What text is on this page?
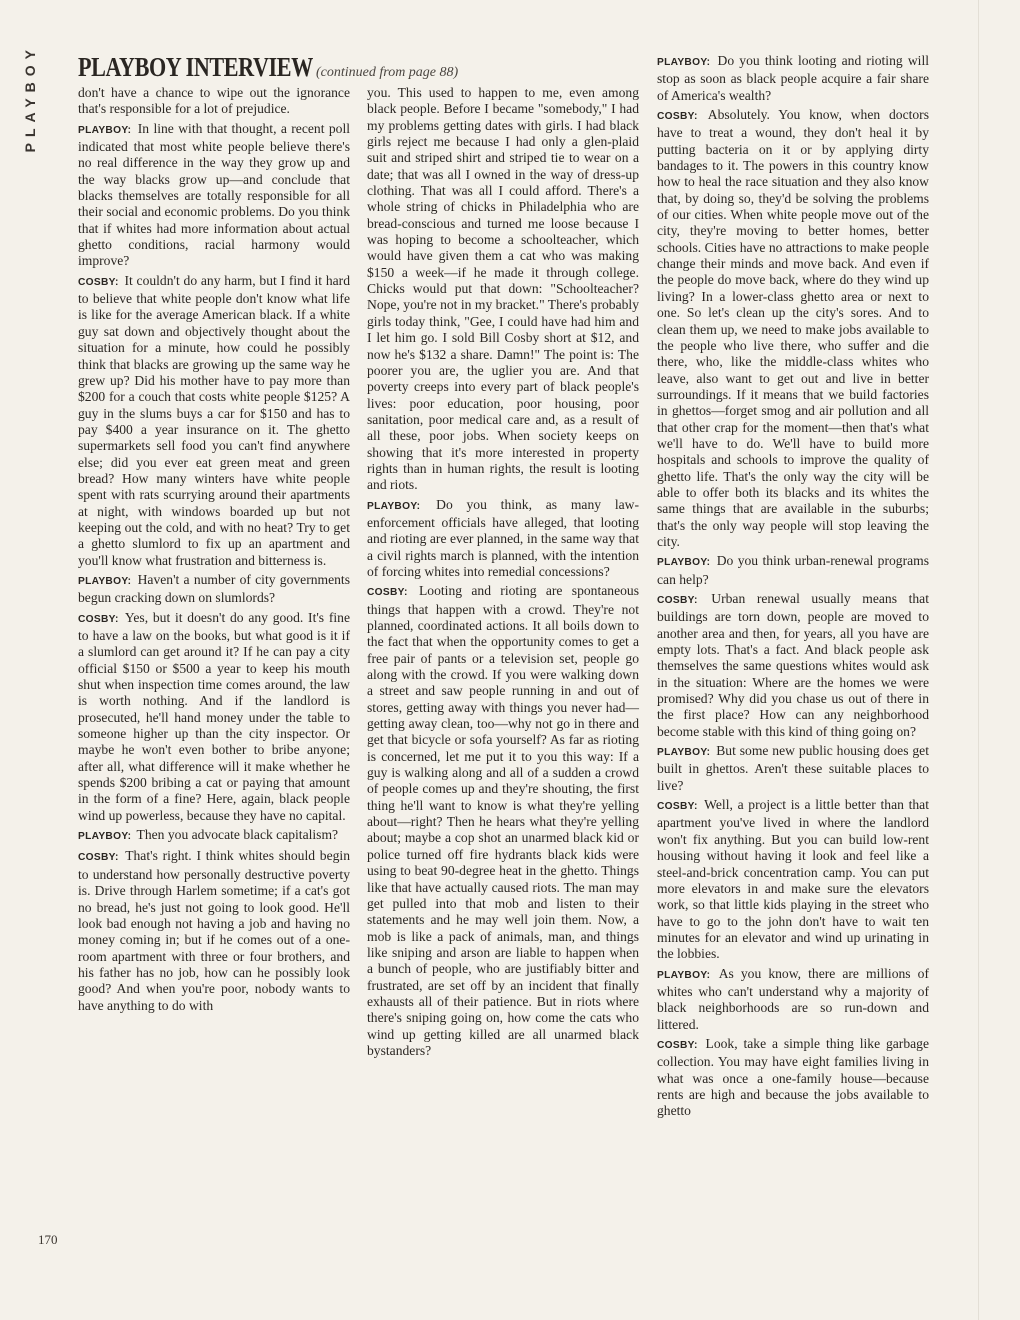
PLAYBOY PLAYBOY INTERVIEW (continued from page 88)

don't have a chance to wipe out the ignorance that's responsible for a lot of prejudice.

PLAYBOY: In line with that thought, a recent poll indicated that most white people believe there's no real difference in the way they grow up and the way blacks grow up—and conclude that blacks themselves are totally responsible for all their social and economic problems. Do you think that if whites had more information about actual ghetto conditions, racial harmony would improve?

COSBY: It couldn't do any harm, but I find it hard to believe that white people don't know what life is like for the average American black. If a white guy sat down and objectively thought about the situation for a minute, how could he possibly think that blacks are growing up the same way he grew up? Did his mother have to pay more than $200 for a couch that costs white people $125? A guy in the slums buys a car for $150 and has to pay $400 a year insurance on it. The ghetto supermarkets sell food you can't find anywhere else; did you ever eat green meat and green bread? How many winters have white people spent with rats scurrying around their apartments at night, with windows boarded up but not keeping out the cold, and with no heat? Try to get a ghetto slumlord to fix up an apartment and you'll know what frustration and bitterness is.

PLAYBOY: Haven't a number of city governments begun cracking down on slumlords?

COSBY: Yes, but it doesn't do any good. It's fine to have a law on the books, but what good is it if a slumlord can get around it? If he can pay a city official $150 or $500 a year to keep his mouth shut when inspection time comes around, the law is worth nothing. And if the landlord is prosecuted, he'll hand money under the table to someone higher up than the city inspector. Or maybe he won't even bother to bribe anyone; after all, what difference will it make whether he spends $200 bribing a cat or paying that amount in the form of a fine? Here, again, black people wind up powerless, because they have no capital.

PLAYBOY: Then you advocate black capitalism?

COSBY: That's right. I think whites should begin to understand how personally destructive poverty is. Drive through Harlem sometime; if a cat's got no bread, he's just not going to look good. He'll look bad enough not having a job and having no money coming in; but if he comes out of a one-room apartment with three or four brothers, and his father has no job, how can he possibly look good? And when you're poor, nobody wants to have anything to do with

you. This used to happen to me, even among black people. Before I became "somebody," I had my problems getting dates with girls. I had black girls reject me because I had only a glen-plaid suit and striped shirt and striped tie to wear on a date; that was all I owned in the way of dress-up clothing. That was all I could afford. There's a whole string of chicks in Philadelphia who are bread-conscious and turned me loose because I was hoping to become a schoolteacher, which would have given them a cat who was making $150 a week—if he made it through college. Chicks would put that down: "Schoolteacher? Nope, you're not in my bracket." There's probably girls today think, "Gee, I could have had him and I let him go. I sold Bill Cosby short at $12, and now he's $132 a share. Damn!" The point is: The poorer you are, the uglier you are. And that poverty creeps into every part of black people's lives: poor education, poor housing, poor sanitation, poor medical care and, as a result of all these, poor jobs. When society keeps on showing that it's more interested in property rights than in human rights, the result is looting and riots.

PLAYBOY: Do you think, as many law-enforcement officials have alleged, that looting and rioting are ever planned, in the same way that a civil rights march is planned, with the intention of forcing whites into remedial concessions?

COSBY: Looting and rioting are spontaneous things that happen with a crowd. They're not planned, coordinated actions. It all boils down to the fact that when the opportunity comes to get a free pair of pants or a television set, people go along with the crowd. If you were walking down a street and saw people running in and out of stores, getting away with things you never had—getting away clean, too—why not go in there and get that bicycle or sofa yourself? As far as rioting is concerned, let me put it to you this way: If a guy is walking along and all of a sudden a crowd of people comes up and they're shouting, the first thing he'll want to know is what they're yelling about—right? Then he hears what they're yelling about; maybe a cop shot an unarmed black kid or police turned off fire hydrants black kids were using to beat 90-degree heat in the ghetto. Things like that have actually caused riots. The man may get pulled into that mob and listen to their statements and he may well join them. Now, a mob is like a pack of animals, man, and things like sniping and arson are liable to happen when a bunch of people, who are justifiably bitter and frustrated, are set off by an incident that finally exhausts all of their patience. But in riots where there's sniping going on, how come the cats who wind up getting killed are all unarmed black bystanders?

PLAYBOY: Do you think looting and rioting will stop as soon as black people acquire a fair share of America's wealth?

COSBY: Absolutely. You know, when doctors have to treat a wound, they don't heal it by putting bacteria on it or by applying dirty bandages to it. The powers in this country know how to heal the race situation and they also know that, by doing so, they'd be solving the problems of our cities. When white people move out of the city, they're moving to better homes, better schools. Cities have no attractions to make people change their minds and move back. And even if the people do move back, where do they wind up living? In a lower-class ghetto area or next to one. So let's clean up the city's sores. And to clean them up, we need to make jobs available to the people who live there, who suffer and die there, who, like the middle-class whites who leave, also want to get out and live in better surroundings. If it means that we build factories in ghettos—forget smog and air pollution and all that other crap for the moment—then that's what we'll have to do. We'll have to build more hospitals and schools to improve the quality of ghetto life. That's the only way the city will be able to offer both its blacks and its whites the same things that are available in the suburbs; that's the only way people will stop leaving the city.

PLAYBOY: Do you think urban-renewal programs can help?

COSBY: Urban renewal usually means that buildings are torn down, people are moved to another area and then, for years, all you have are empty lots. That's a fact. And black people ask themselves the same questions whites would ask in the situation: Where are the homes we were promised? Why did you chase us out of there in the first place? How can any neighborhood become stable with this kind of thing going on?

PLAYBOY: But some new public housing does get built in ghettos. Aren't these suitable places to live?

COSBY: Well, a project is a little better than that apartment you've lived in where the landlord won't fix anything. But you can build low-rent housing without having it look and feel like a steel-and-brick concentration camp. You can put more elevators in and make sure the elevators work, so that little kids playing in the street who have to go to the john don't have to wait ten minutes for an elevator and wind up urinating in the lobbies.

PLAYBOY: As you know, there are millions of whites who can't understand why a majority of black neighborhoods are so run-down and littered.

COSBY: Look, take a simple thing like garbage collection. You may have eight families living in what was once a one-family house—because rents are high and because the jobs available to ghetto

170
